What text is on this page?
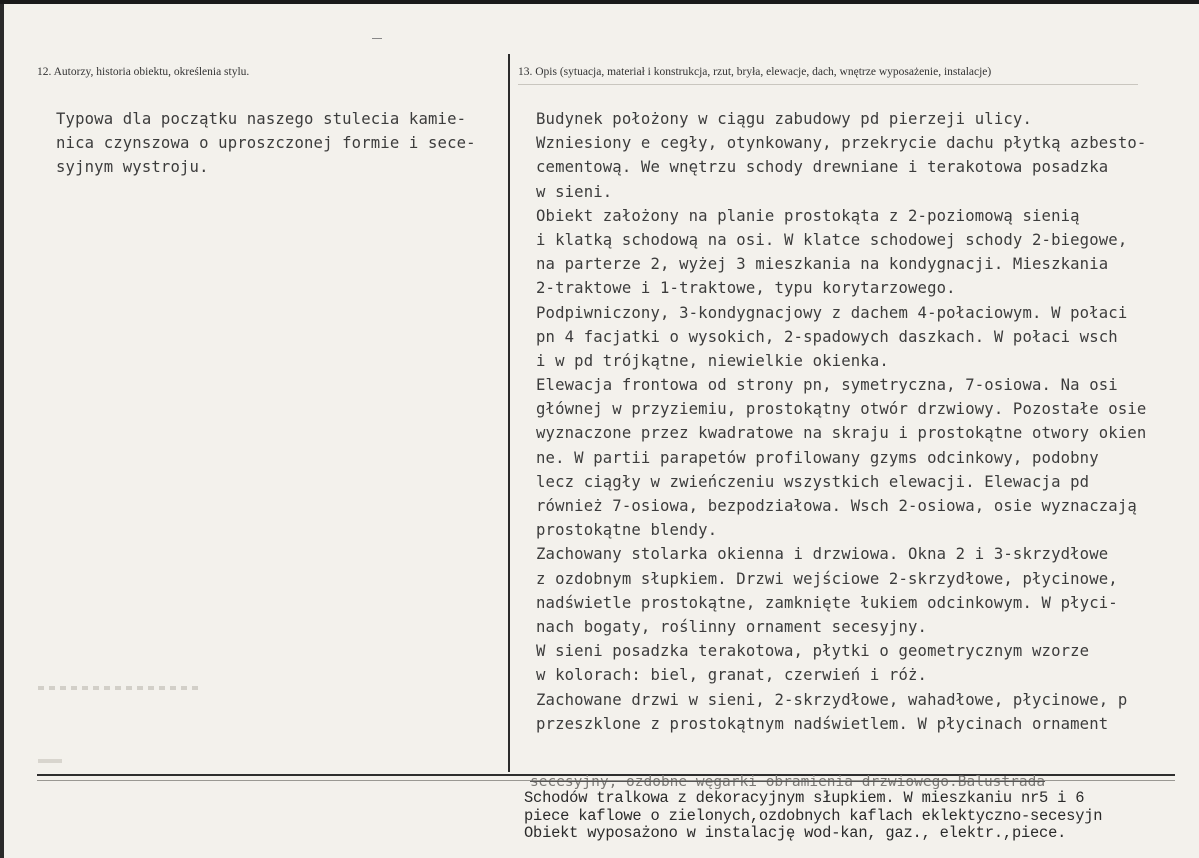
12. Autorzy, historia obiektu, określenia stylu.	13. Opis (sytuacja, materiał i konstrukcja, rzut, bryła, elewacje, dach, wnętrze wyposażenie, instalacje)
Typowa dla początku naszego stulecia kamie-
nica czynszowa o uproszczonej formie i sece-
syjnym wystroju.
Budynek położony w ciągu zabudowy pd pierzeji ulicy.
Wzniesiony e cegły, otynkowany, przekrycie dachu płytką azbesto-
cementową. We wnętrzu schody drewniane i terakotowa posadzka
w sieni.
Obiekt założony na planie prostokąta z 2-poziomową sienią
i klatką schodową na osi. W klatce schodowej schody 2-biegowe,
na parterze 2, wyżej 3 mieszkania na kondygnacji. Mieszkania
2-traktowe i 1-traktowe, typu korytarzowego.
Podpiwniczony, 3-kondygnacjowy z dachem 4-połaciowym. W połaci
pn 4 facjatki o wysokich, 2-spadowych daszkach. W połaci wsch
i w pd trójkątne, niewielkie okienka.
Elewacja frontowa od strony pn, symetryczna, 7-osiowa. Na osi
głównej w przyziemiu, prostokątny otwór drzwiowy. Pozostałe osie
wyznaczone przez kwadratowe na skraju i prostokątne otwory okien
ne. W partii parapetów profilowany gzyms odcinkowy, podobny
lecz ciągły w zwieńczeniu wszystkich elewacji. Elewacja pd
również 7-osiowa, bezpodziałowa. Wsch 2-osiowa, osie wyznaczają
prostokątne blendy.
Zachowany stolarka okienna i drzwiowa. Okna 2 i 3-skrzydłowe
z ozdobnym słupkiem. Drzwi wejściowe 2-skrzydłowe, płycinowe,
nadświetle prostokątne, zamknięte łukiem odcinkowym. W płyci-
nach bogaty, roślinny ornament secesyjny.
W sieni posadzka terakotowa, płytki o geometrycznym wzorze
w kolorach: biel, granat, czerwień i róż.
Zachowane drzwi w sieni, 2-skrzydłowe, wahadłowe, płycinowe, p
przeszklone z prostokątnym nadświetlem. W płycinach ornament
secesyjny, ozdobne węgarki obramienia drzwiowego.Balustrada
Schodów tralkowa z dekoracyjnym słupkiem. W mieszkaniu nr5 i 6
piece kaflowe o zielonych,ozdobnych kaflach eklektyczno-secesyjn
Obiekt wyposażono w instalację wod-kan, gaz., elektr.,piece.
